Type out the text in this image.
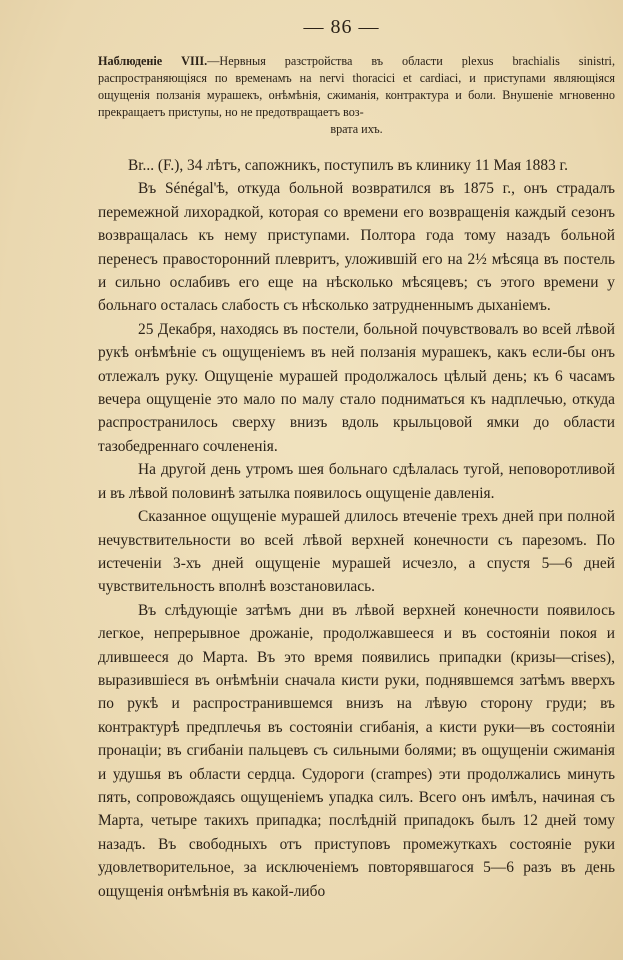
— 86 —
Наблюденiе VIII.—Нервныя разстройства въ области plexus brachialis sinistri, распространяющiяся по временамъ на nervi thoracici et cardiaci, и приступами являющiяся ощущенiя ползанiя мурашекъ, онѣмѣнiя, сжиманiя, контрактура и боли. Внушенiе мгновенно прекращаетъ приступы, но не предотвращаетъ воз-
врата ихъ.

Br... (F.), 34 лѣтъ, сапожникъ, поступилъ въ клинику 11 Мая 1883 г.

Въ Sénégal'ѣ, откуда больной возвратился въ 1875 г., онъ страдалъ перемежной лихорадкой, которая со времени его возвращенiя каждый сезонъ возвращалась къ нему приступами. Полтора года тому назадъ больной перенесъ правосторонний плевритъ, уложившiй его на 2½ мѣсяца въ постель и сильно ослабивъ его еще на нѣсколько мѣсяцевъ; съ этого времени у больнаго осталась слабость съ нѣсколько затрудненнымъ дыханiемъ.

25 Декабря, находясь въ постели, больной почувствовалъ во всей лѣвой рукѣ онѣмѣнiе съ ощущенiемъ въ ней ползанiя мурашекъ, какъ если-бы онъ отлежалъ руку. Ощущенiе мурашей продолжалось цѣлый день; къ 6 часамъ вечера ощущенiе это мало по малу стало подниматься къ надплечью, откуда распространилось сверху внизъ вдоль крыльцовой ямки до области тазобедреннаго сочлененiя.

На другой день утромъ шея больнаго сдѣлалась тугой, неповоротливой и въ лѣвой половинѣ затылка появилось ощущенiе давленiя.

Сказанное ощущенiе мурашей длилось втеченiе трехъ дней при полной нечувствительности во всей лѣвой верхней конечности съ парезомъ. По истеченiи 3-хъ дней ощущенiе мурашей исчезло, а спустя 5—6 дней чувствительность вполнѣ возстановилась.

Въ слѣдующiе затѣмъ дни въ лѣвой верхней конечности появилось легкое, непрерывное дрожанiе, продолжавшееся и въ состоянiи покоя и длившееся до Марта. Въ это время появились припадки (кризы—crises), выразившiеся въ онѣмѣнiи сначала кисти руки, поднявшемся затѣмъ вверхъ по рукѣ и распространившемся внизъ на лѣвую сторону груди; въ контрактурѣ предплечья въ состоянiи сгибанiя, а кисти руки—въ состоянiи пронацiи; въ сгибанiи пальцевъ съ сильными болями; въ ощущенiи сжиманiя и удушья въ области сердца. Судороги (crampes) эти продолжались минуть пять, сопровождаясь ощущенiемъ упадка силъ. Всего онъ имѣлъ, начиная съ Марта, четыре такихъ припадка; послѣднiй припадокъ былъ 12 дней тому назадъ. Въ свободныхъ отъ приступовъ промежуткахъ состоянiе руки удовлетворительное, за исключенiемъ повторявшагося 5—6 разъ въ день ощущенiя онѣмѣнiя въ какой-либо
